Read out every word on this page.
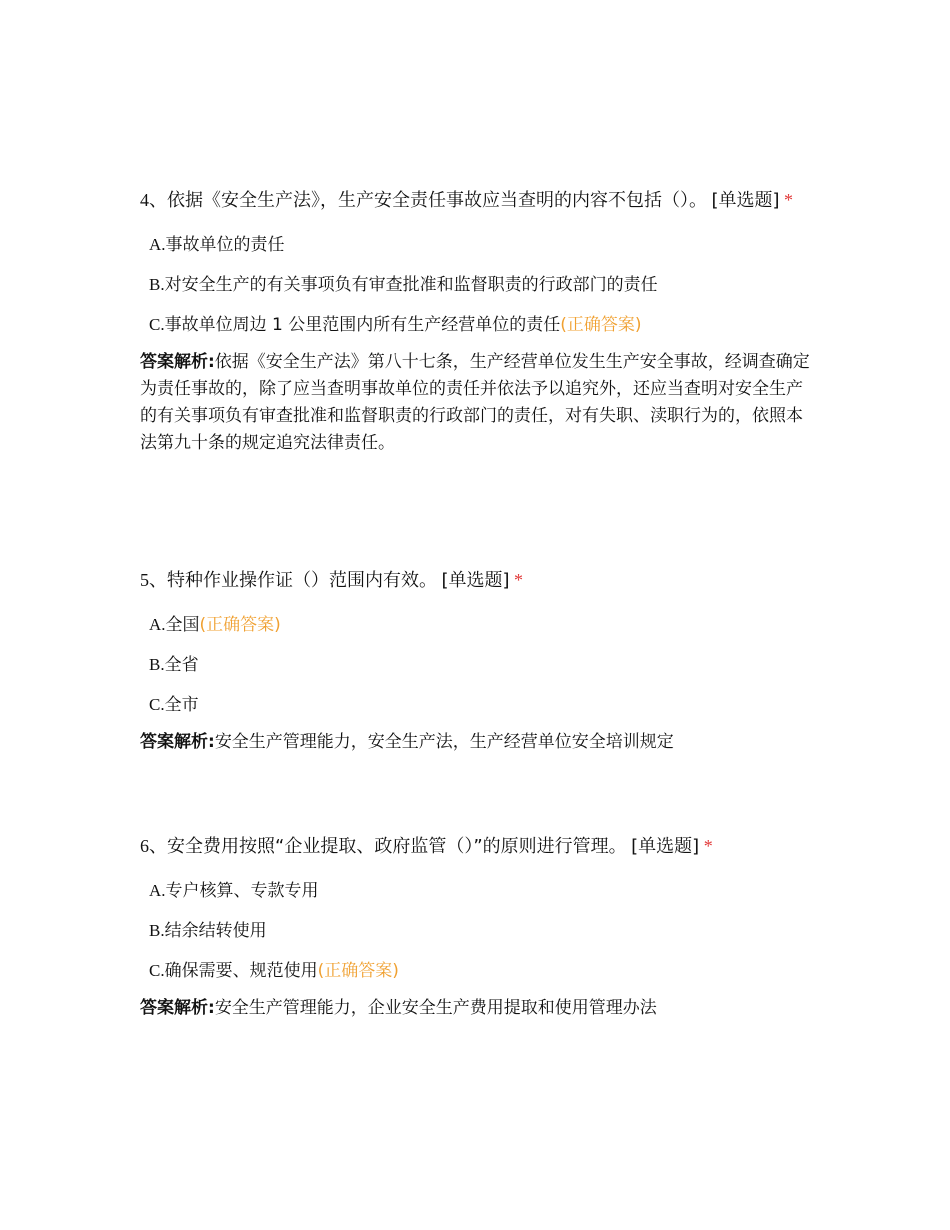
4、依据《安全生产法》，生产安全责任事故应当查明的内容不包括（）。 [单选题] *

A.事故单位的责任

B.对安全生产的有关事项负有审查批准和监督职责的行政部门的责任

C.事故单位周边 1 公里范围内所有生产经营单位的责任(正确答案)

答案解析:依据《安全生产法》第八十七条，生产经营单位发生生产安全事故，经调查确定为责任事故的，除了应当查明事故单位的责任并依法予以追究外，还应当查明对安全生产的有关事项负有审查批准和监督职责的行政部门的责任，对有失职、渎职行为的，依照本法第九十条的规定追究法律责任。

5、特种作业操作证（）范围内有效。 [单选题] *

A.全国(正确答案)

B.全省

C.全市

答案解析:安全生产管理能力，安全生产法，生产经营单位安全培训规定

6、安全费用按照“企业提取、政府监管（）”的原则进行管理。 [单选题] *

A.专户核算、专款专用

B.结余结转使用

C.确保需要、规范使用(正确答案)

答案解析:安全生产管理能力，企业安全生产费用提取和使用管理办法
